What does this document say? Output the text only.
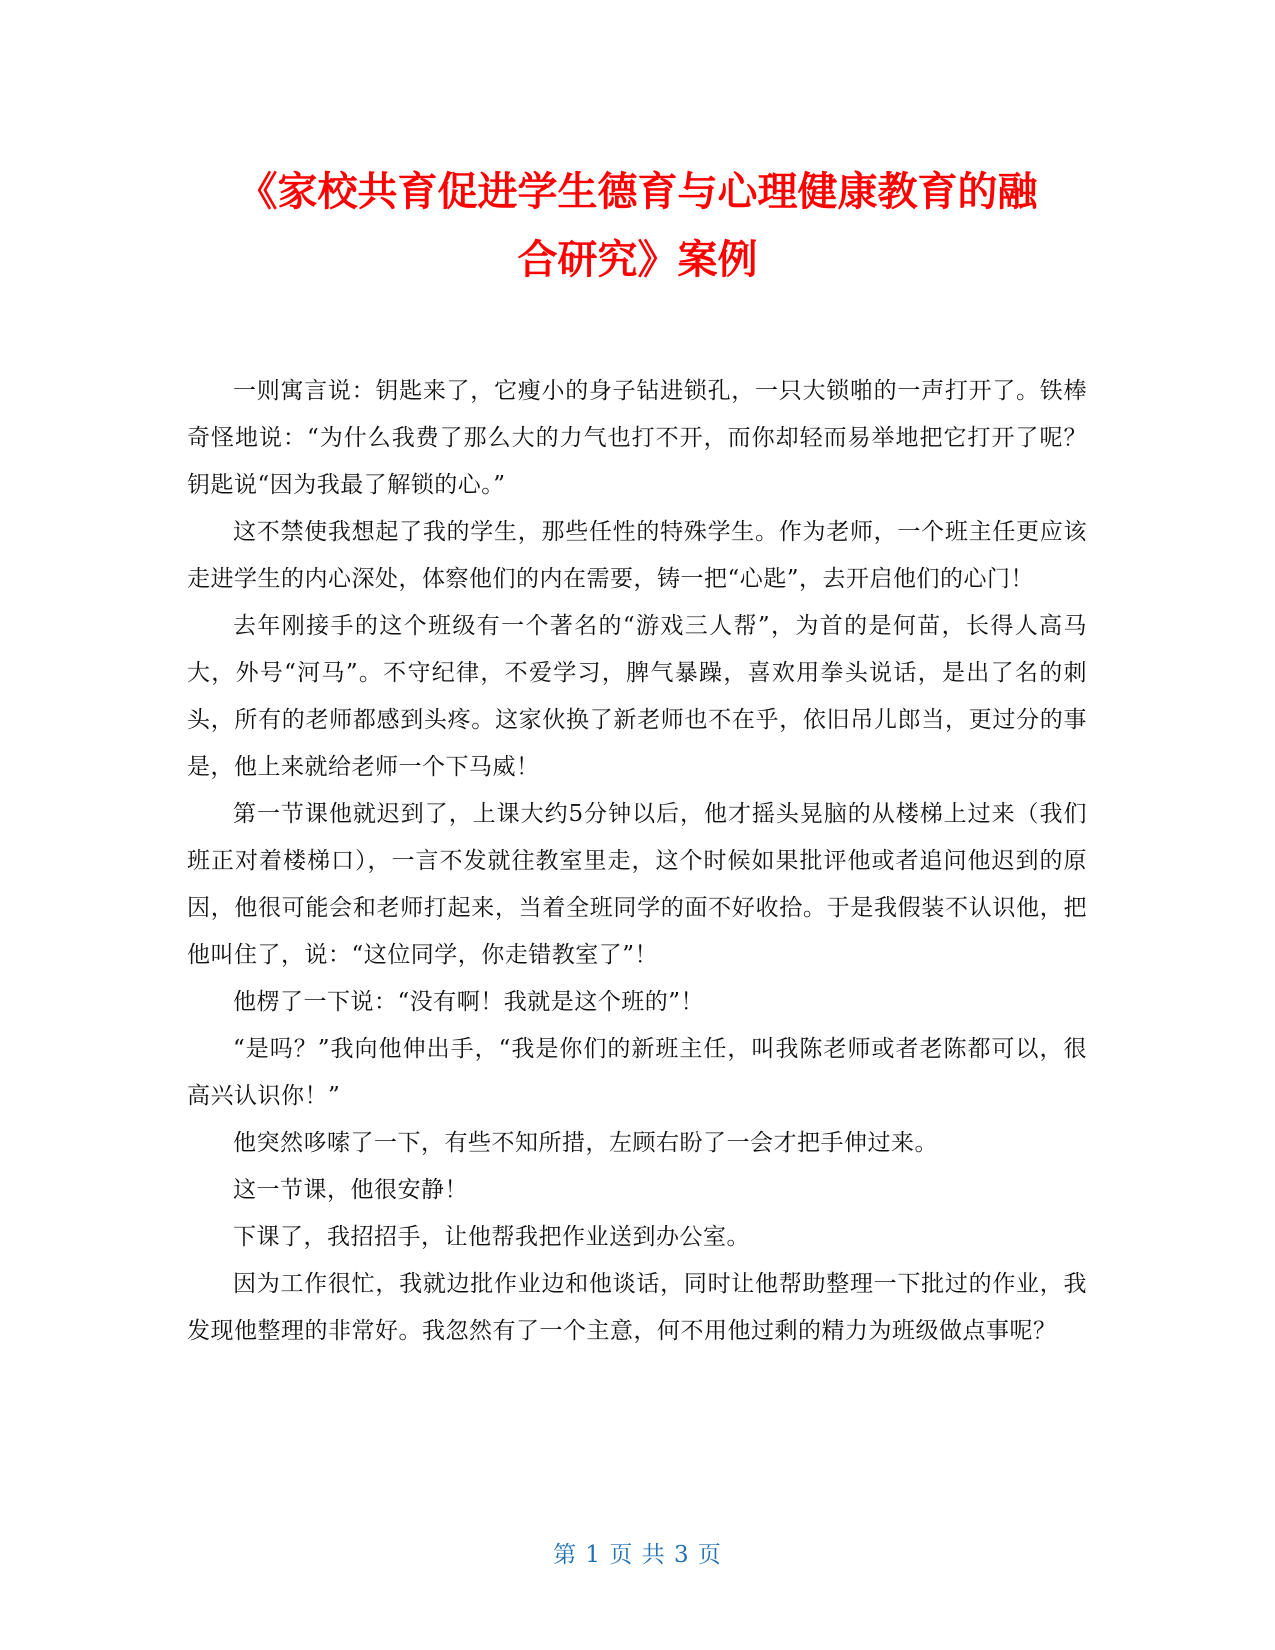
《家校共育促进学生德育与心理健康教育的融
合研究》案例

一则寓言说：钥匙来了，它瘦小的身子钻进锁孔，一只大锁啪的一声打开了。铁棒奇怪地说：“为什么我费了那么大的力气也打不开，而你却轻而易举地把它打开了呢？钥匙说“因为我最了解锁的心。”

这不禁使我想起了我的学生，那些任性的特殊学生。作为老师，一个班主任更应该走进学生的内心深处，体察他们的内在需要，铸一把“心匙”，去开启他们的心门！

去年刚接手的这个班级有一个著名的“游戏三人帮”，为首的是何苗，长得人高马大，外号“河马”。不守纪律，不爱学习，脾气暴躁，喜欢用拳头说话，是出了名的刺头，所有的老师都感到头疼。这家伙换了新老师也不在乎，依旧吊儿郎当，更过分的事是，他上来就给老师一个下马威！

第一节课他就迟到了，上课大约5分钟以后，他才摇头晃脑的从楼梯上过来（我们班正对着楼梯口），一言不发就往教室里走，这个时候如果批评他或者追问他迟到的原因，他很可能会和老师打起来，当着全班同学的面不好收拾。于是我假装不认识他，把他叫住了，说：“这位同学，你走错教室了”！

他楞了一下说：“没有啊！我就是这个班的”！

“是吗？”我向他伸出手，“我是你们的新班主任，叫我陈老师或者老陈都可以，很高兴认识你！”

他突然哆嗦了一下，有些不知所措，左顾右盼了一会才把手伸过来。

这一节课，他很安静！

下课了，我招招手，让他帮我把作业送到办公室。

因为工作很忙，我就边批作业边和他谈话，同时让他帮助整理一下批过的作业，我发现他整理的非常好。我忽然有了一个主意，何不用他过剩的精力为班级做点事呢？

第 1 页 共 3 页
